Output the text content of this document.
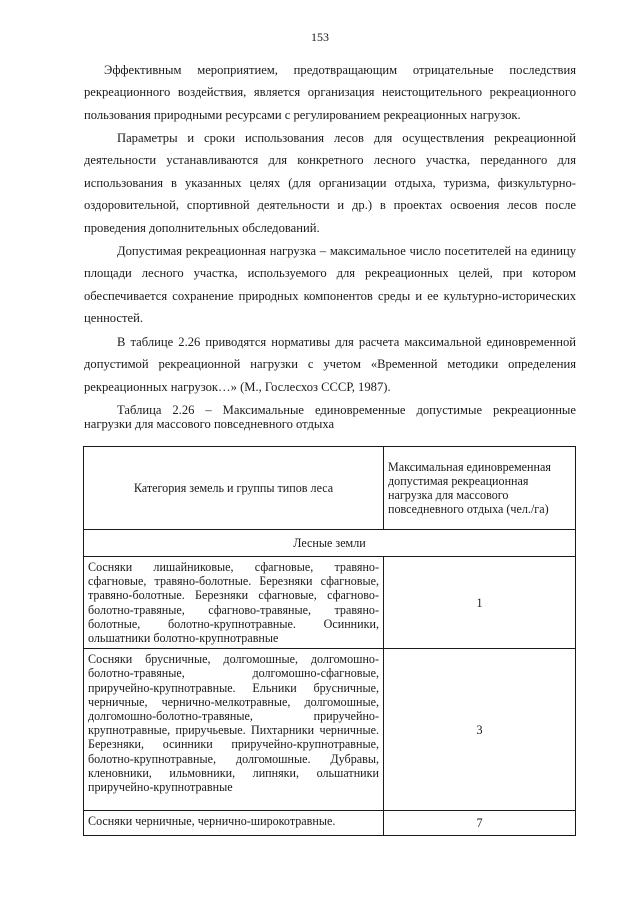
153

Эффективным мероприятием, предотвращающим отрицательные последствия рекреационного воздействия, является организация неистощительного рекреационного пользования природными ресурсами с регулированием рекреационных нагрузок.

Параметры и сроки использования лесов для осуществления рекреационной деятельности устанавливаются для конкретного лесного участка, переданного для использования в указанных целях (для организации отдыха, туризма, физкультурно-оздоровительной, спортивной деятельности и др.) в проектах освоения лесов после проведения дополнительных обследований.

Допустимая рекреационная нагрузка – максимальное число посетителей на единицу площади лесного участка, используемого для рекреационных целей, при котором обеспечивается сохранение природных компонентов среды и ее культурно-исторических ценностей.

В таблице 2.26 приводятся нормативы для расчета максимальной единовременной допустимой рекреационной нагрузки с учетом «Временной методики определения рекреационных нагрузок…» (М., Гослесхоз СССР, 1987).

Таблица 2.26 – Максимальные единовременные допустимые рекреационные нагрузки для массового повседневного отдыха

Категория земель и группы типов леса	Максимальная единовременная допустимая рекреационная нагрузка для массового повседневного отдыха (чел./га)
Лесные земли	
Сосняки лишайниковые, сфагновые, травяно-сфагновые, травяно-болотные. Березняки сфагновые, травяно-болотные. Березняки сфагновые, сфагново-болотно-травяные, сфагново-травяные, травяно-болотные, болотно-крупнотравные. Осинники, ольшатники болотно-крупнотравные	1
Сосняки брусничные, долгомошные, долгомошно-болотно-травяные, долгомошно-сфагновые, приручейно-крупнотравные. Ельники брусничные, черничные, чернично-мелкотравные, долгомошные, долгомошно-болотно-травяные, приручейно-крупнотравные, приручьевые. Пихтарники черничные. Березняки, осинники приручейно-крупнотравные, болотно-крупнотравные, долгомошные. Дубравы, кленовники, ильмовники, липняки, ольшатники приручейно-крупнотравные	3
Сосняки черничные, чернично-широкотравные.	7
